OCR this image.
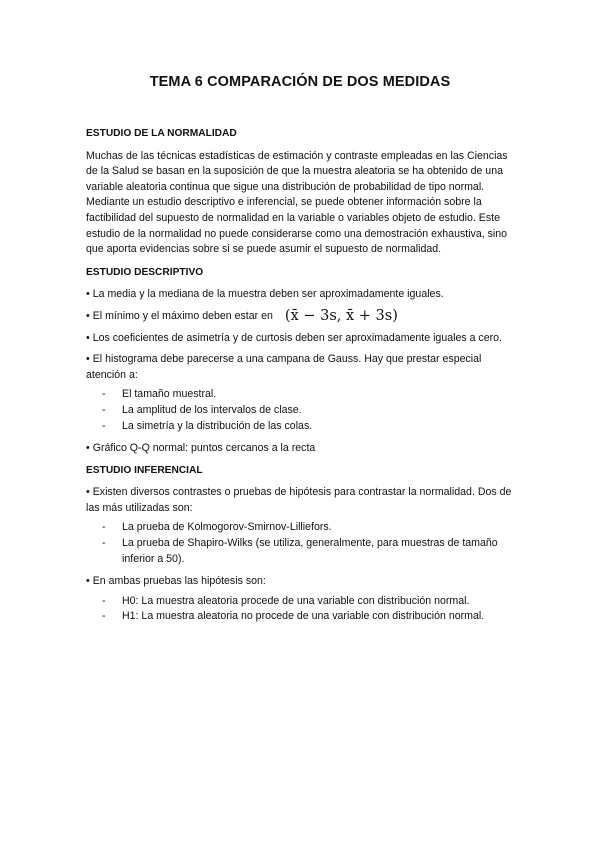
TEMA 6 COMPARACIÓN DE DOS MEDIDAS
ESTUDIO DE LA NORMALIDAD

Muchas de las técnicas estadísticas de estimación y contraste empleadas en las Ciencias de la Salud se basan en la suposición de que la muestra aleatoria se ha obtenido de una variable aleatoria continua que sigue una distribución de probabilidad de tipo normal. Mediante un estudio descriptivo e inferencial, se puede obtener información sobre la factibilidad del supuesto de normalidad en la variable o variables objeto de estudio. Este estudio de la normalidad no puede considerarse como una demostración exhaustiva, sino que aporta evidencias sobre si se puede asumir el supuesto de normalidad.

ESTUDIO DESCRIPTIVO
• La media y la mediana de la muestra deben ser aproximadamente iguales.
• El mínimo y el máximo deben estar en (x̄ − 3s, x̄ + 3s)
• Los coeficientes de asimetría y de curtosis deben ser aproximadamente iguales a cero.
• El histograma debe parecerse a una campana de Gauss. Hay que prestar especial atención a:
- El tamaño muestral.
- La amplitud de los intervalos de clase.
- La simetría y la distribución de las colas.
• Gráfico Q-Q normal: puntos cercanos a la recta
ESTUDIO INFERENCIAL
• Existen diversos contrastes o pruebas de hipótesis para contrastar la normalidad. Dos de las más utilizadas son:
- La prueba de Kolmogorov-Smirnov-Lilliefors.
- La prueba de Shapiro-Wilks (se utiliza, generalmente, para muestras de tamaño inferior a 50).
• En ambas pruebas las hipótesis son:
- H0: La muestra aleatoria procede de una variable con distribución normal.
- H1: La muestra aleatoria no procede de una variable con distribución normal.
